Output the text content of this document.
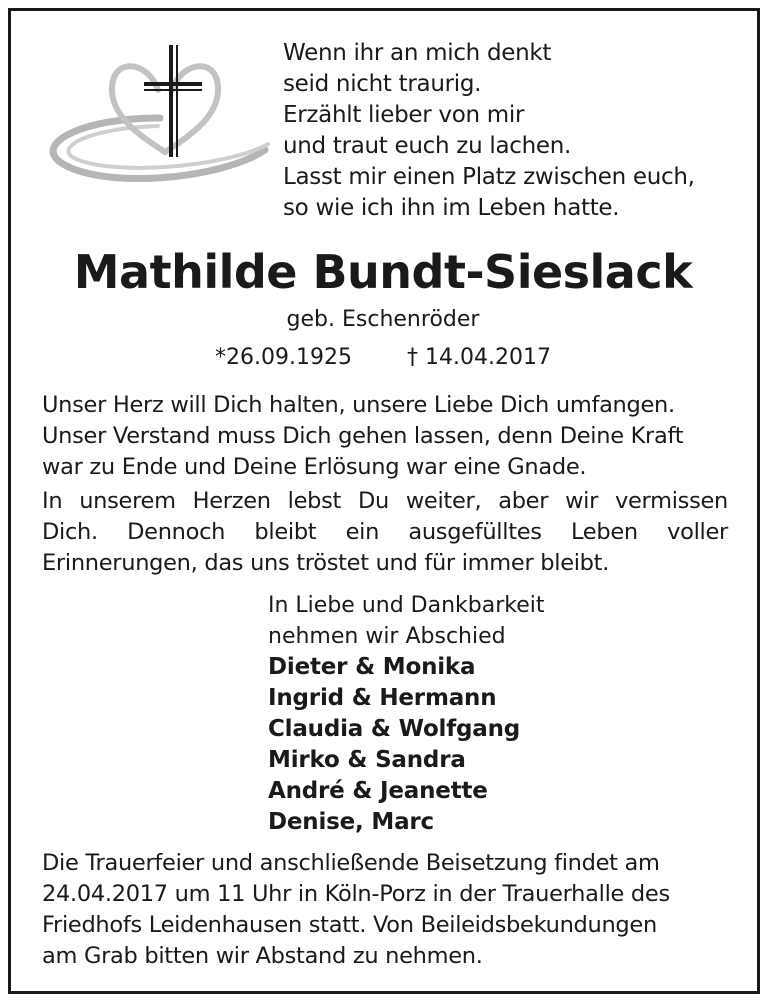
Wenn ihr an mich denkt
seid nicht traurig.
Erzählt lieber von mir
und traut euch zu lachen.
Lasst mir einen Platz zwischen euch,
so wie ich ihn im Leben hatte.
Mathilde Bundt-Sieslack
geb. Eschenröder
*26.09.1925	† 14.04.2017
Unser Herz will Dich halten, unsere Liebe Dich umfangen.
Unser Verstand muss Dich gehen lassen, denn Deine Kraft
war zu Ende und Deine Erlösung war eine Gnade.
In unserem Herzen lebst Du weiter, aber wir vermissen
Dich. Dennoch bleibt ein ausgefülltes Leben voller
Erinnerungen, das uns tröstet und für immer bleibt.
In Liebe und Dankbarkeit
nehmen wir Abschied
Dieter & Monika
Ingrid & Hermann
Claudia & Wolfgang
Mirko & Sandra
André & Jeanette
Denise, Marc
Die Trauerfeier und anschließende Beisetzung findet am
24.04.2017 um 11 Uhr in Köln-Porz in der Trauerhalle des
Friedhofs Leidenhausen statt. Von Beileidsbekundungen
am Grab bitten wir Abstand zu nehmen.
